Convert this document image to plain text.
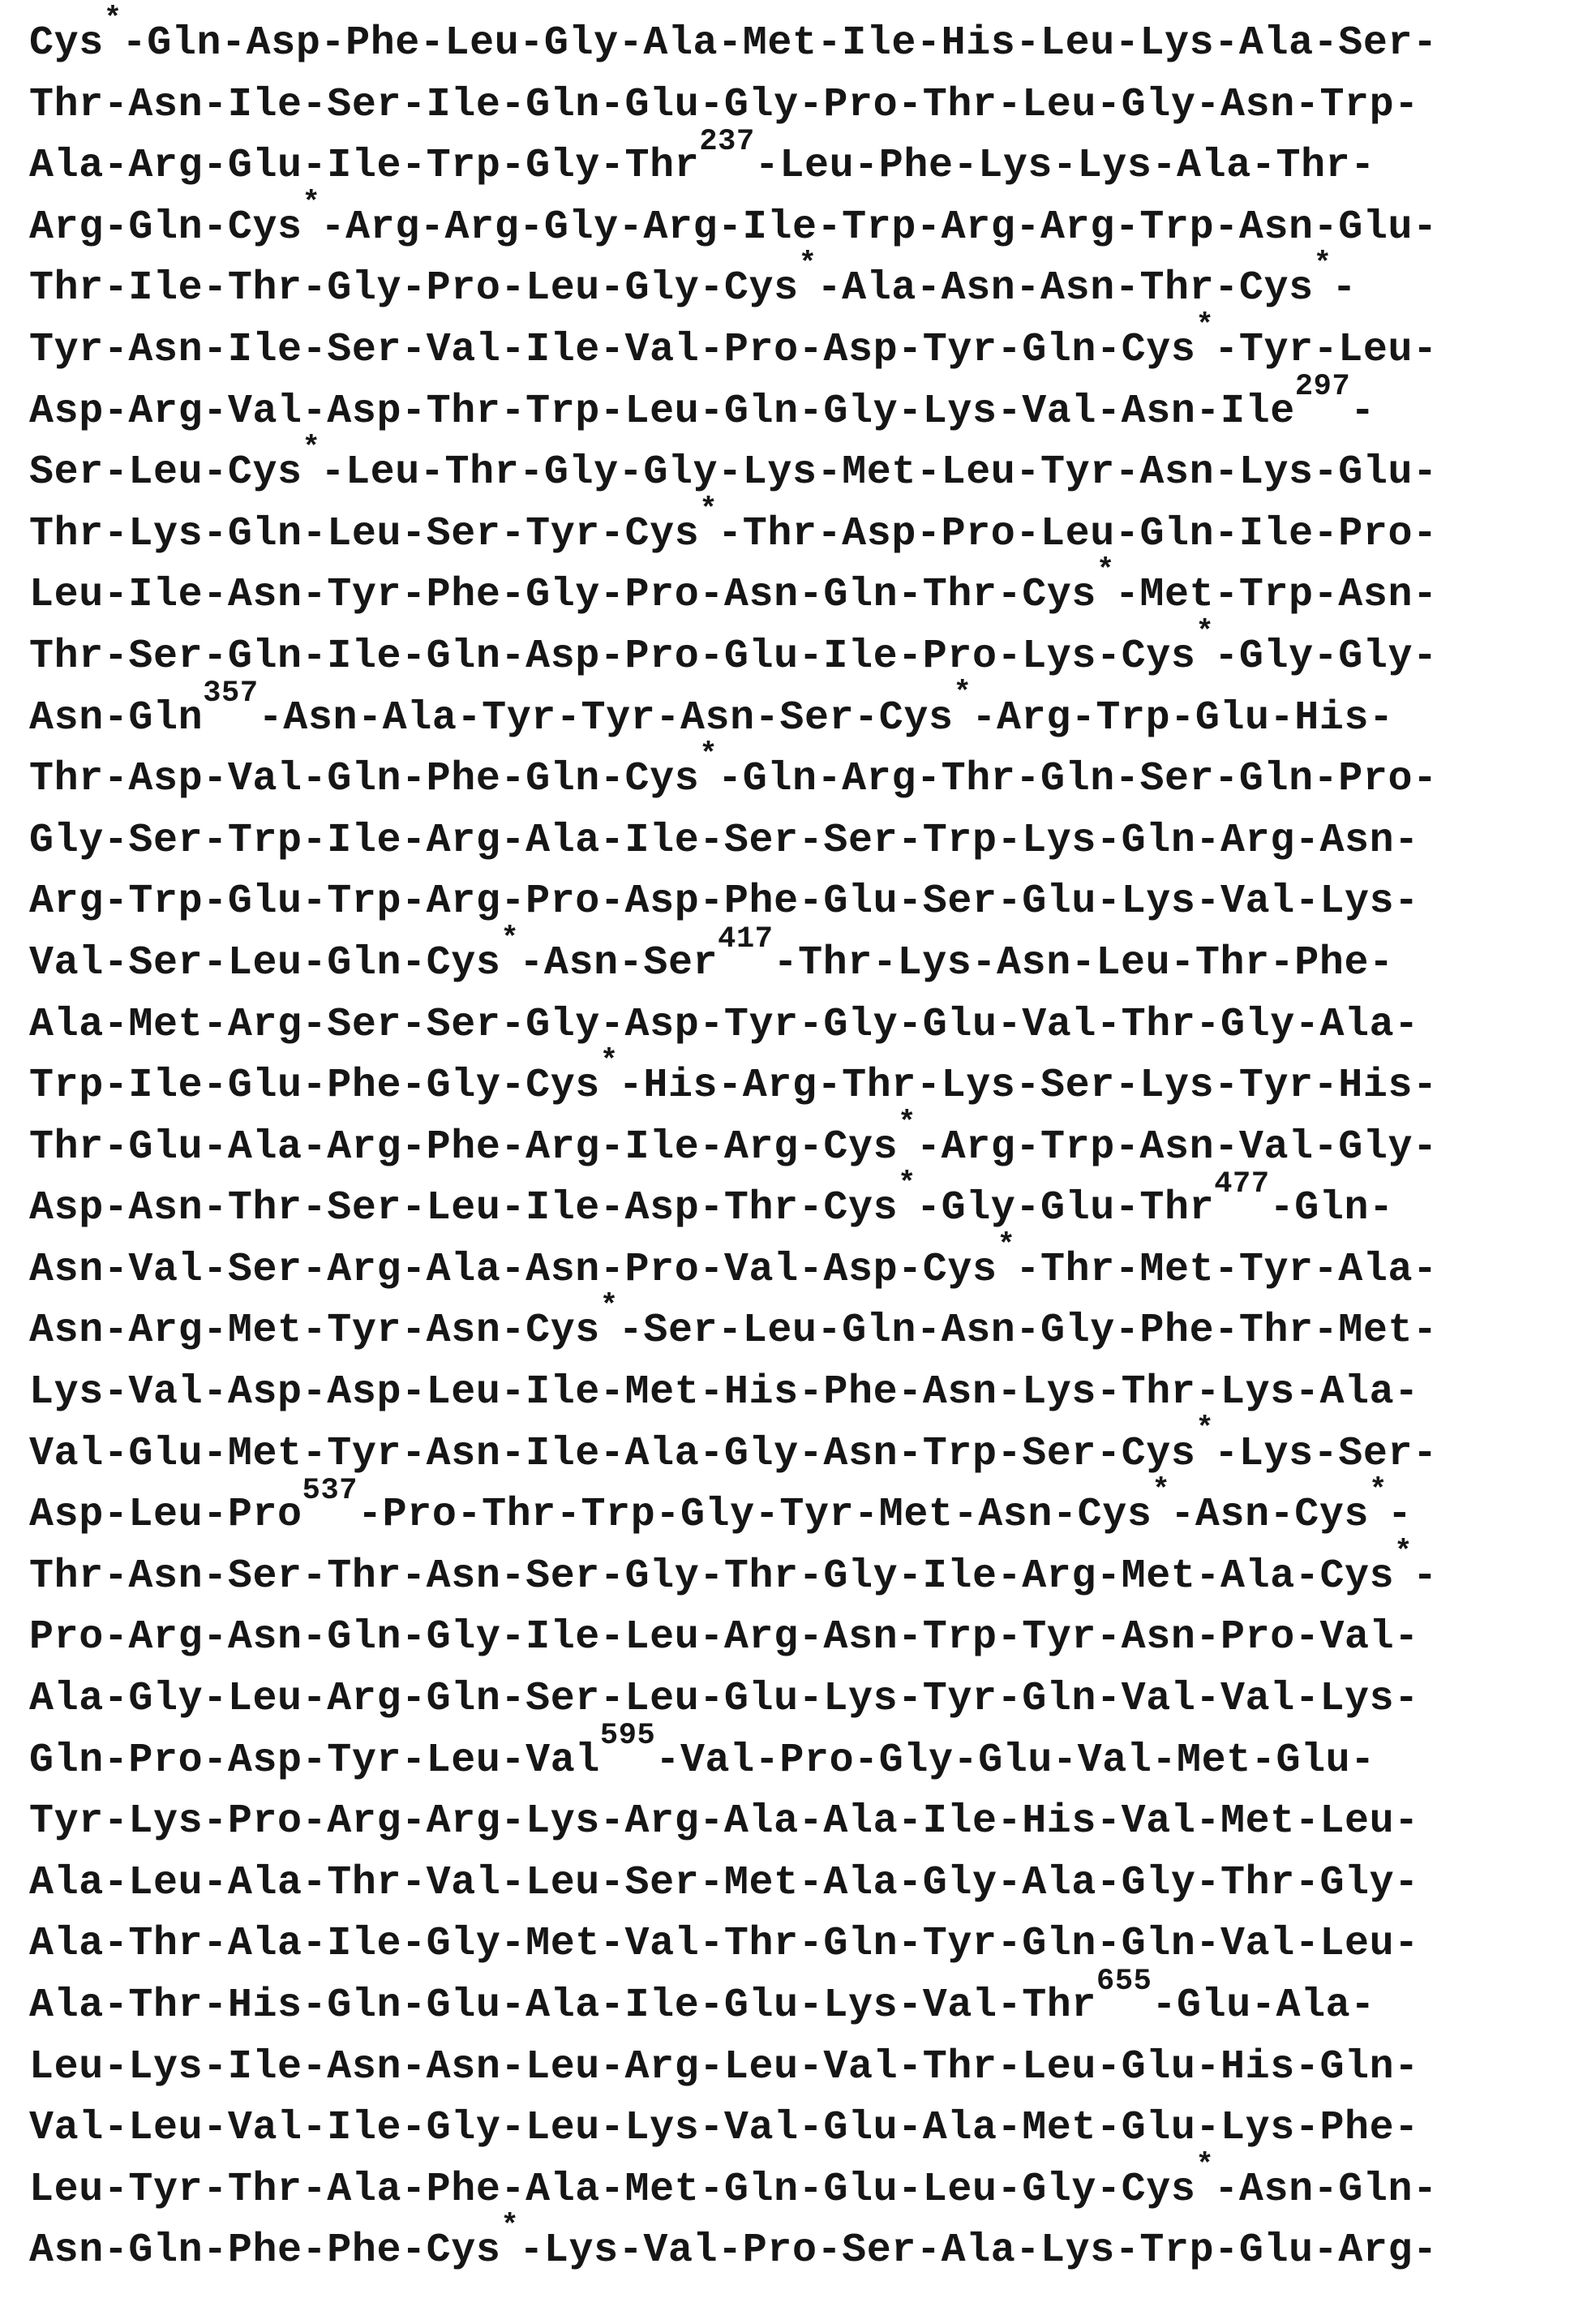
Cys*-Gln-Asp-Phe-Leu-Gly-Ala-Met-Ile-His-Leu-Lys-Ala-Ser-
Thr-Asn-Ile-Ser-Ile-Gln-Glu-Gly-Pro-Thr-Leu-Gly-Asn-Trp-
Ala-Arg-Glu-Ile-Trp-Gly-Thr$^{237}$-Leu-Phe-Lys-Lys-Ala-Thr-
Arg-Gln-Cys*-Arg-Arg-Gly-Arg-Ile-Trp-Arg-Arg-Trp-Asn-Glu-
Thr-Ile-Thr-Gly-Pro-Leu-Gly-Cys*-Ala-Asn-Asn-Thr-Cys*-
Tyr-Asn-Ile-Ser-Val-Ile-Val-Pro-Asp-Tyr-Gln-Cys*-Tyr-Leu-
Asp-Arg-Val-Asp-Thr-Trp-Leu-Gln-Gly-Lys-Val-Asn-Ile$^{297}$-
Ser-Leu-Cys*-Leu-Thr-Gly-Gly-Lys-Met-Leu-Tyr-Asn-Lys-Glu-
Thr-Lys-Gln-Leu-Ser-Tyr-Cys*-Thr-Asp-Pro-Leu-Gln-Ile-Pro-
Leu-Ile-Asn-Tyr-Phe-Gly-Pro-Asn-Gln-Thr-Cys*-Met-Trp-Asn-
Thr-Ser-Gln-Ile-Gln-Asp-Pro-Glu-Ile-Pro-Lys-Cys*-Gly-Gly-
Asn-Gln$^{357}$-Asn-Ala-Tyr-Tyr-Asn-Ser-Cys*-Arg-Trp-Glu-His-
Thr-Asp-Val-Gln-Phe-Gln-Cys*-Gln-Arg-Thr-Gln-Ser-Gln-Pro-
Gly-Ser-Trp-Ile-Arg-Ala-Ile-Ser-Ser-Trp-Lys-Gln-Arg-Asn-
Arg-Trp-Glu-Trp-Arg-Pro-Asp-Phe-Glu-Ser-Glu-Lys-Val-Lys-
Val-Ser-Leu-Gln-Cys*-Asn-Ser$^{417}$-Thr-Lys-Asn-Leu-Thr-Phe-
Ala-Met-Arg-Ser-Ser-Gly-Asp-Tyr-Gly-Glu-Val-Thr-Gly-Ala-
Trp-Ile-Glu-Phe-Gly-Cys*-His-Arg-Thr-Lys-Ser-Lys-Tyr-His-
Thr-Glu-Ala-Arg-Phe-Arg-Ile-Arg-Cys*-Arg-Trp-Asn-Val-Gly-
Asp-Asn-Thr-Ser-Leu-Ile-Asp-Thr-Cys*-Gly-Glu-Thr$^{477}$-Gln-
Asn-Val-Ser-Arg-Ala-Asn-Pro-Val-Asp-Cys*-Thr-Met-Tyr-Ala-
Asn-Arg-Met-Tyr-Asn-Cys*-Ser-Leu-Gln-Asn-Gly-Phe-Thr-Met-
Lys-Val-Asp-Asp-Leu-Ile-Met-His-Phe-Asn-Lys-Thr-Lys-Ala-
Val-Glu-Met-Tyr-Asn-Ile-Ala-Gly-Asn-Trp-Ser-Cys*-Lys-Ser-
Asp-Leu-Pro$^{537}$-Pro-Thr-Trp-Gly-Tyr-Met-Asn-Cys*-Asn-Cys*-
Thr-Asn-Ser-Thr-Asn-Ser-Gly-Thr-Gly-Ile-Arg-Met-Ala-Cys*-
Pro-Arg-Asn-Gln-Gly-Ile-Leu-Arg-Asn-Trp-Tyr-Asn-Pro-Val-
Ala-Gly-Leu-Arg-Gln-Ser-Leu-Glu-Lys-Tyr-Gln-Val-Val-Lys-
Gln-Pro-Asp-Tyr-Leu-Val$^{595}$-Val-Pro-Gly-Glu-Val-Met-Glu-
Tyr-Lys-Pro-Arg-Arg-Lys-Arg-Ala-Ala-Ile-His-Val-Met-Leu-
Ala-Leu-Ala-Thr-Val-Leu-Ser-Met-Ala-Gly-Ala-Gly-Thr-Gly-
Ala-Thr-Ala-Ile-Gly-Met-Val-Thr-Gln-Tyr-Gln-Gln-Val-Leu-
Ala-Thr-His-Gln-Glu-Ala-Ile-Glu-Lys-Val-Thr$^{655}$-Glu-Ala-
Leu-Lys-Ile-Asn-Asn-Leu-Arg-Leu-Val-Thr-Leu-Glu-His-Gln-
Val-Leu-Val-Ile-Gly-Leu-Lys-Val-Glu-Ala-Met-Glu-Lys-Phe-
Leu-Tyr-Thr-Ala-Phe-Ala-Met-Gln-Glu-Leu-Gly-Cys*-Asn-Gln-
Asn-Gln-Phe-Phe-Cys*-Lys-Val-Pro-Ser-Ala-Lys-Trp-Glu-Arg-
